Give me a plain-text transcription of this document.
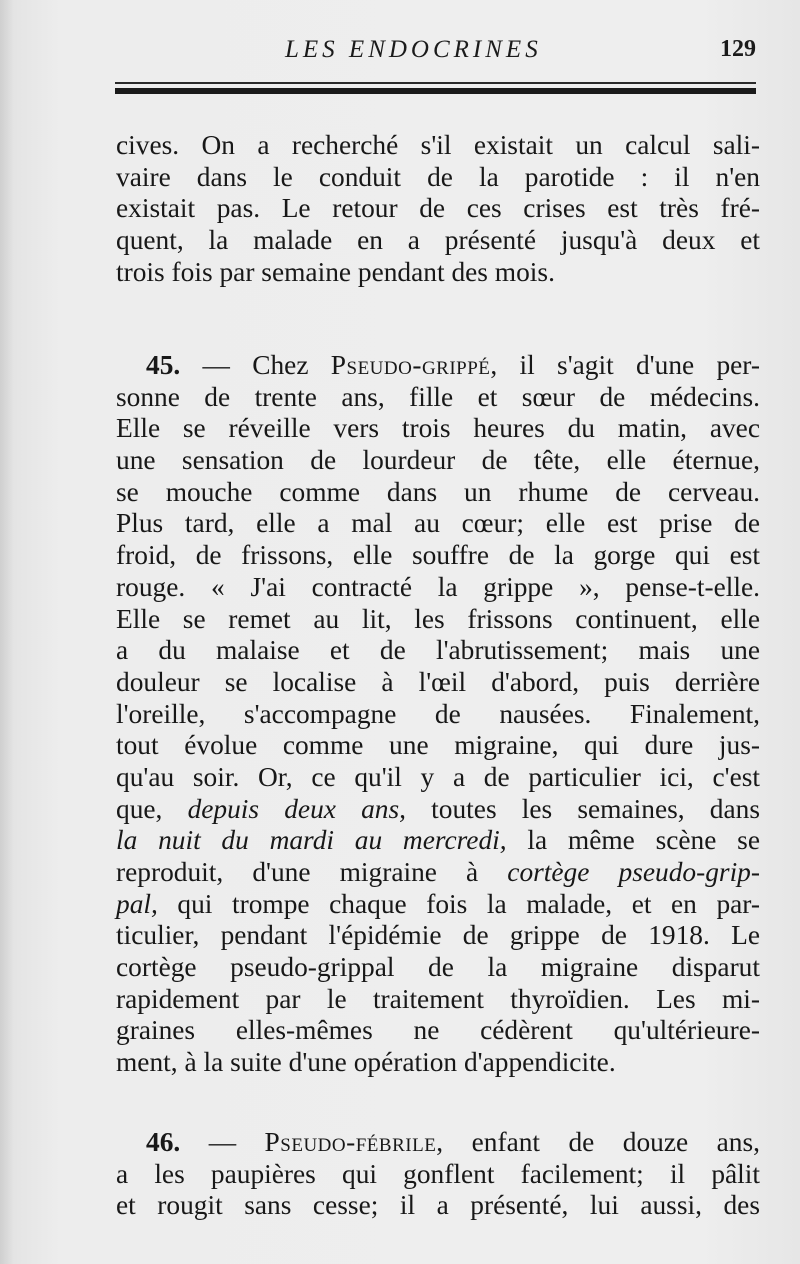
LES ENDOCRINES	129
cives. On a recherché s'il existait un calcul sali-
vaire dans le conduit de la parotide : il n'en
existait pas. Le retour de ces crises est très fré-
quent, la malade en a présenté jusqu'à deux et
trois fois par semaine pendant des mois.
45. — Chez Pseudo-grippé, il s'agit d'une per-
sonne de trente ans, fille et sœur de médecins.
Elle se réveille vers trois heures du matin, avec
une sensation de lourdeur de tête, elle éternue,
se mouche comme dans un rhume de cerveau.
Plus tard, elle a mal au cœur; elle est prise de
froid, de frissons, elle souffre de la gorge qui est
rouge. « J'ai contracté la grippe », pense-t-elle.
Elle se remet au lit, les frissons continuent, elle
a du malaise et de l'abrutissement; mais une
douleur se localise à l'œil d'abord, puis derrière
l'oreille, s'accompagne de nausées. Finalement,
tout évolue comme une migraine, qui dure jus-
qu'au soir. Or, ce qu'il y a de particulier ici, c'est
que, depuis deux ans, toutes les semaines, dans
la nuit du mardi au mercredi, la même scène se
reproduit, d'une migraine à cortège pseudo-grip-
pal, qui trompe chaque fois la malade, et en par-
ticulier, pendant l'épidémie de grippe de 1918. Le
cortège pseudo-grippal de la migraine disparut
rapidement par le traitement thyroïdien. Les mi-
graines elles-mêmes ne cédèrent qu'ultérieure-
ment, à la suite d'une opération d'appendicite.
46. — Pseudo-fébrile, enfant de douze ans,
a les paupières qui gonflent facilement; il pâlit
et rougit sans cesse; il a présenté, lui aussi, des
